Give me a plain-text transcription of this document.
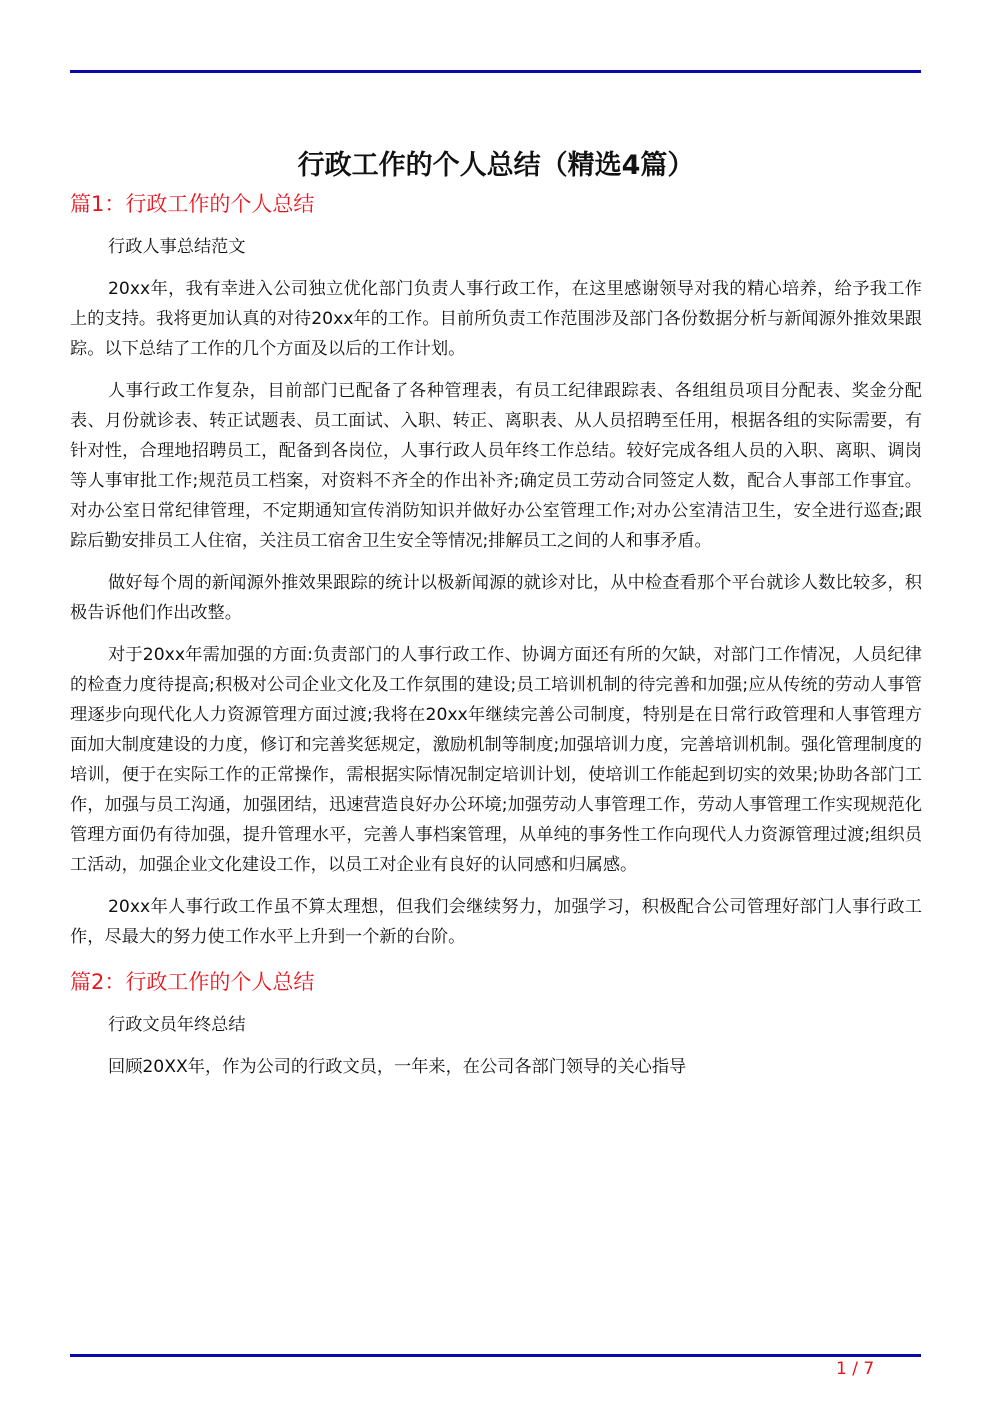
行政工作的个人总结（精选4篇）
篇1：行政工作的个人总结

行政人事总结范文

20xx年，我有幸进入公司独立优化部门负责人事行政工作，在这里感谢领导对我的精心培养，给予我工作上的支持。我将更加认真的对待20xx年的工作。目前所负责工作范围涉及部门各份数据分析与新闻源外推效果跟踪。以下总结了工作的几个方面及以后的工作计划。

人事行政工作复杂，目前部门已配备了各种管理表，有员工纪律跟踪表、各组组员项目分配表、奖金分配表、月份就诊表、转正试题表、员工面试、入职、转正、离职表、从人员招聘至任用，根据各组的实际需要，有针对性，合理地招聘员工，配备到各岗位，人事行政人员年终工作总结。较好完成各组人员的入职、离职、调岗等人事审批工作;规范员工档案，对资料不齐全的作出补齐;确定员工劳动合同签定人数，配合人事部工作事宜。对办公室日常纪律管理，不定期通知宣传消防知识并做好办公室管理工作;对办公室清洁卫生，安全进行巡查;跟踪后勤安排员工人住宿，关注员工宿舍卫生安全等情况;排解员工之间的人和事矛盾。

做好每个周的新闻源外推效果跟踪的统计以极新闻源的就诊对比，从中检查看那个平台就诊人数比较多，积极告诉他们作出改整。

对于20xx年需加强的方面:负责部门的人事行政工作、协调方面还有所的欠缺，对部门工作情况，人员纪律的检查力度待提高;积极对公司企业文化及工作氛围的建设;员工培训机制的待完善和加强;应从传统的劳动人事管理逐步向现代化人力资源管理方面过渡;我将在20xx年继续完善公司制度，特别是在日常行政管理和人事管理方面加大制度建设的力度，修订和完善奖惩规定，激励机制等制度;加强培训力度，完善培训机制。强化管理制度的培训，便于在实际工作的正常操作，需根据实际情况制定培训计划，使培训工作能起到切实的效果;协助各部门工作，加强与员工沟通，加强团结，迅速营造良好办公环境;加强劳动人事管理工作，劳动人事管理工作实现规范化管理方面仍有待加强，提升管理水平，完善人事档案管理，从单纯的事务性工作向现代人力资源管理过渡;组织员工活动，加强企业文化建设工作，以员工对企业有良好的认同感和归属感。

20xx年人事行政工作虽不算太理想，但我们会继续努力，加强学习，积极配合公司管理好部门人事行政工作，尽最大的努力使工作水平上升到一个新的台阶。

篇2：行政工作的个人总结

行政文员年终总结

回顾20XX年，作为公司的行政文员，一年来，在公司各部门领导的关心指导

1 / 7
